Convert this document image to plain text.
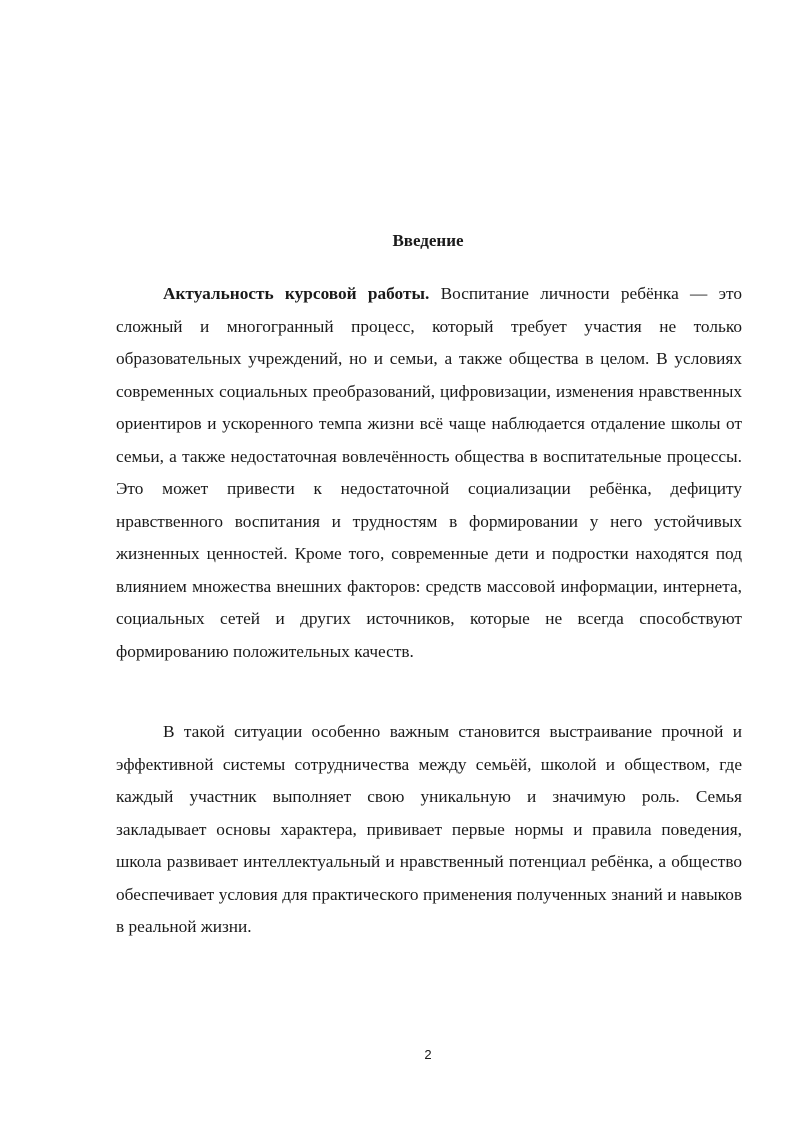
Введение

Актуальность курсовой работы. Воспитание личности ребёнка — это сложный и многогранный процесс, который требует участия не только образовательных учреждений, но и семьи, а также общества в целом. В условиях современных социальных преобразований, цифровизации, изменения нравственных ориентиров и ускоренного темпа жизни всё чаще наблюдается отдаление школы от семьи, а также недостаточная вовлечённость общества в воспитательные процессы. Это может привести к недостаточной социализации ребёнка, дефициту нравственного воспитания и трудностям в формировании у него устойчивых жизненных ценностей. Кроме того, современные дети и подростки находятся под влиянием множества внешних факторов: средств массовой информации, интернета, социальных сетей и других источников, которые не всегда способствуют формированию положительных качеств.

В такой ситуации особенно важным становится выстраивание прочной и эффективной системы сотрудничества между семьёй, школой и обществом, где каждый участник выполняет свою уникальную и значимую роль. Семья закладывает основы характера, прививает первые нормы и правила поведения, школа развивает интеллектуальный и нравственный потенциал ребёнка, а общество обеспечивает условия для практического применения полученных знаний и навыков в реальной жизни.

2
